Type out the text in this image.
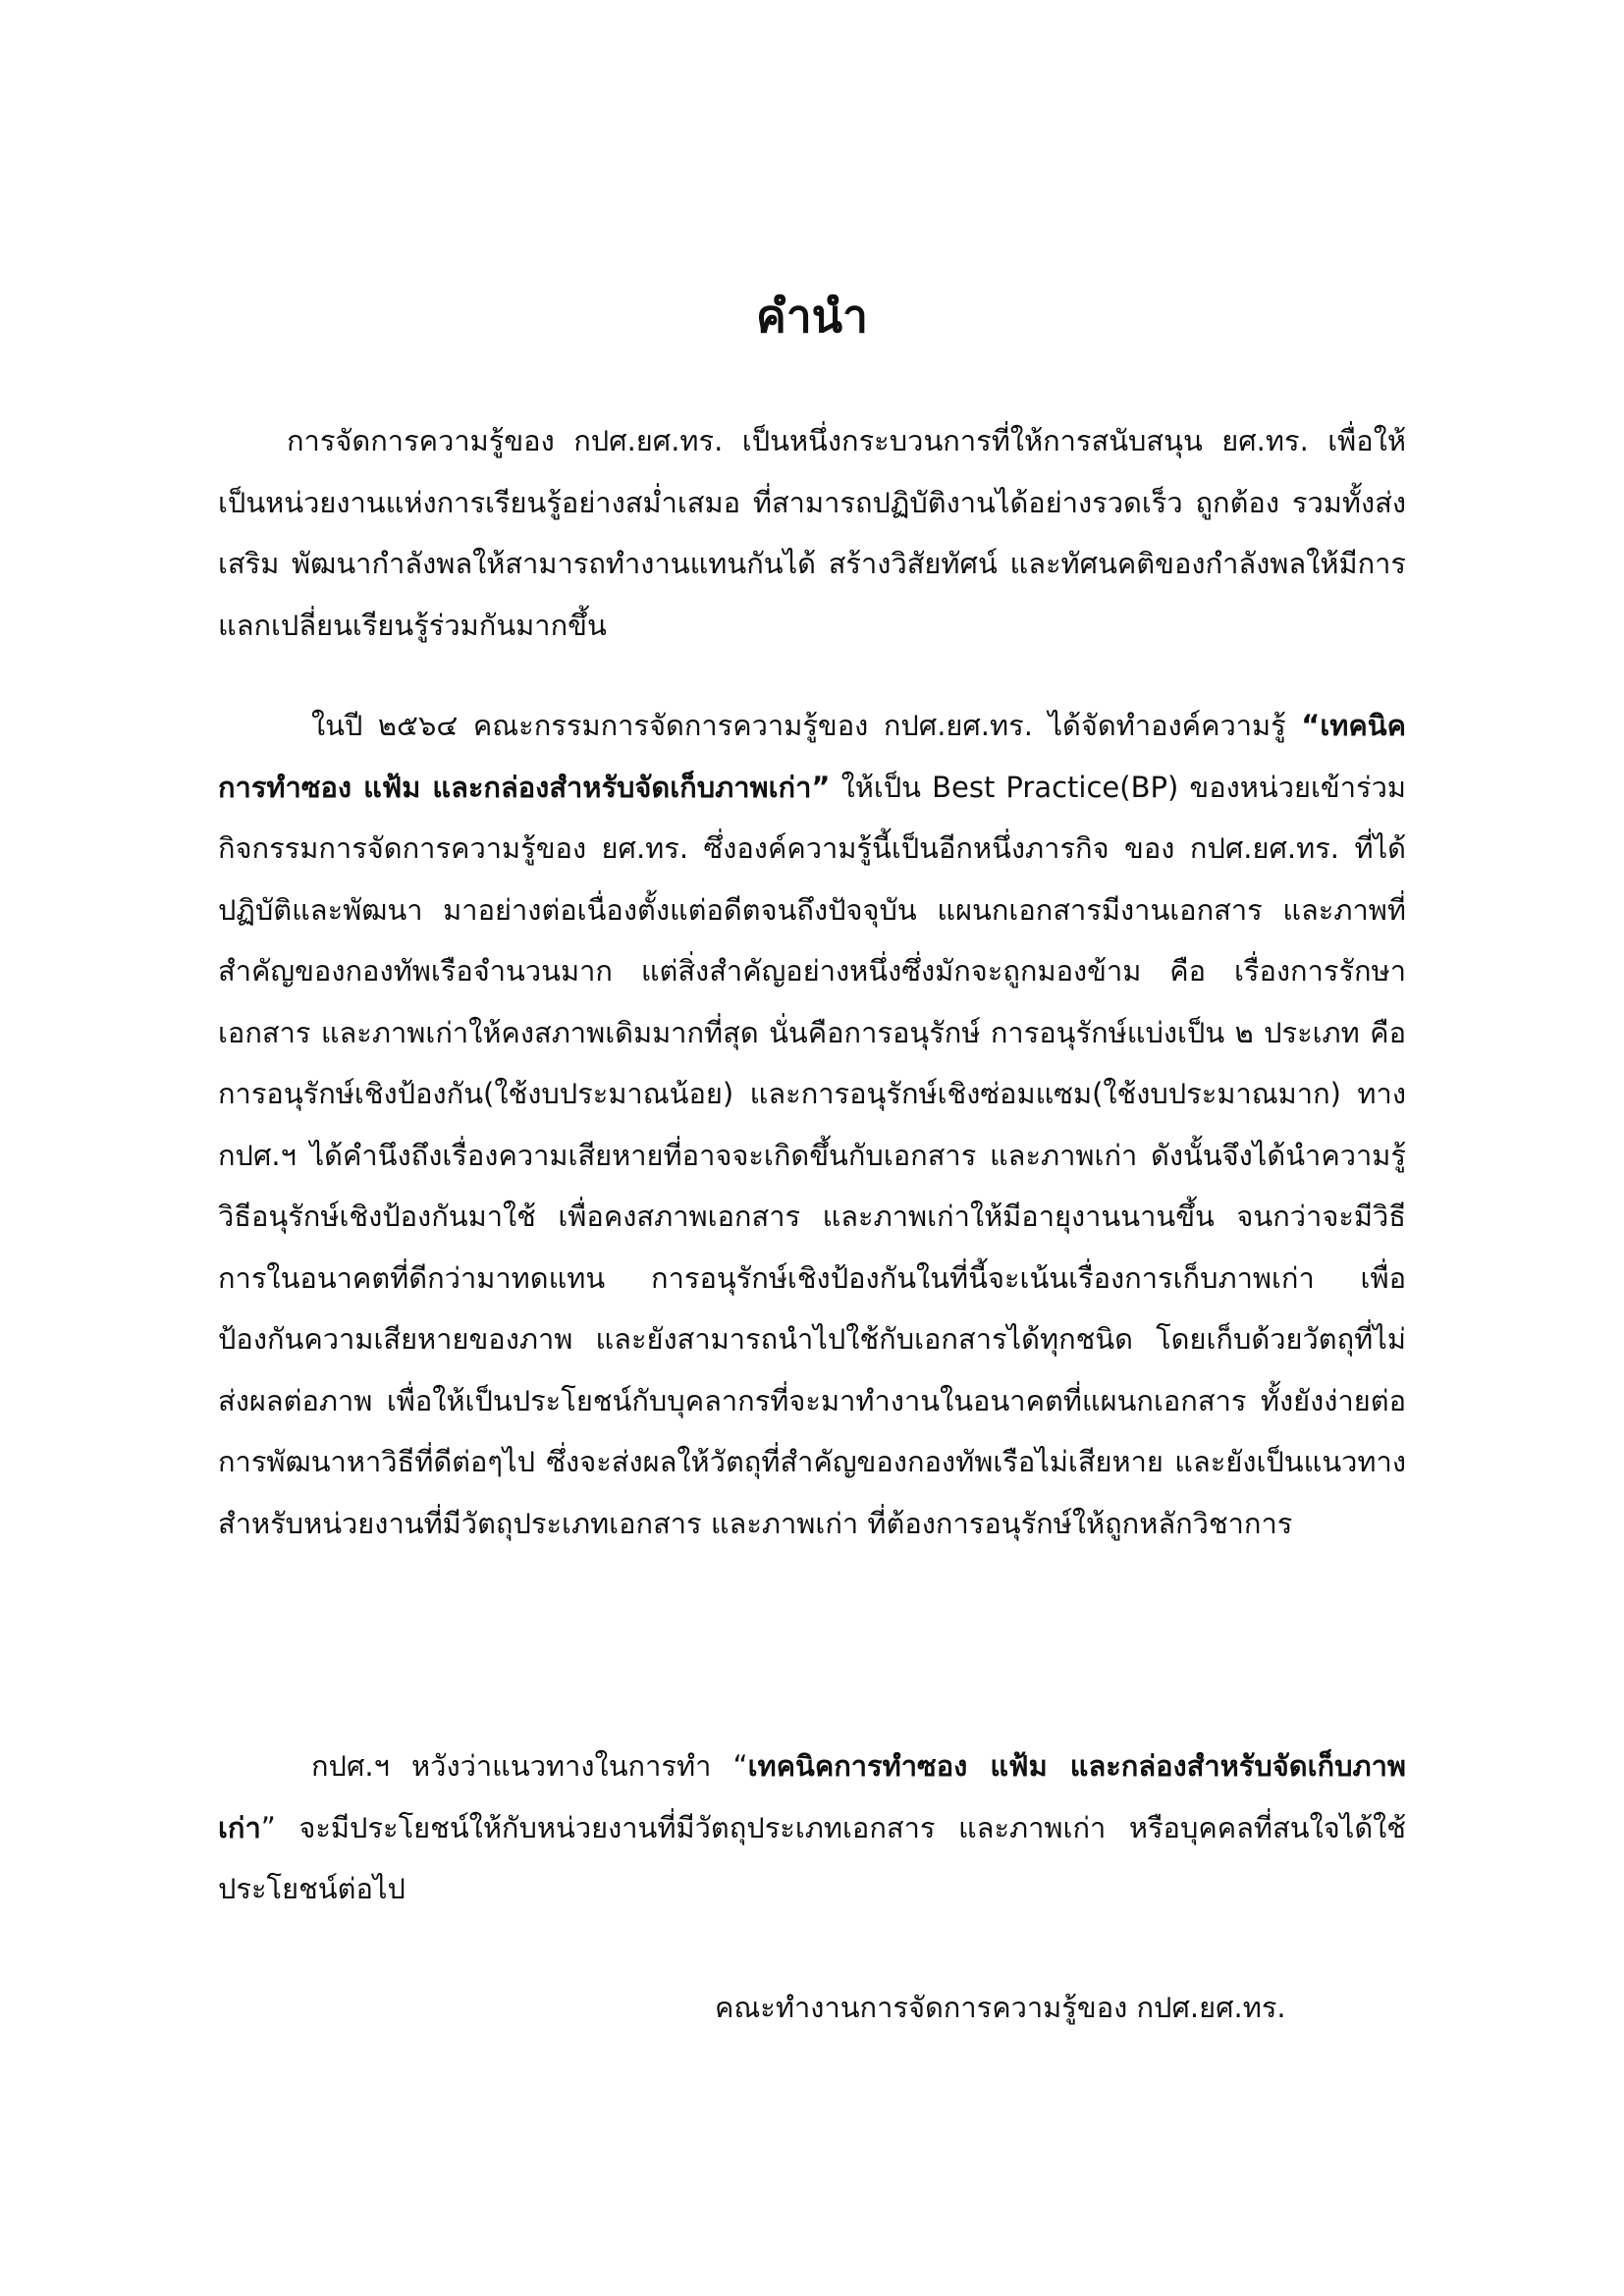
คำนำ

การจัดการความรู้ของ กปศ.ยศ.ทร. เป็นหนึ่งกระบวนการที่ให้การสนับสนุน ยศ.ทร. เพื่อให้เป็นหน่วยงานแห่งการเรียนรู้อย่างสม่ำเสมอ ที่สามารถปฏิบัติงานได้อย่างรวดเร็ว ถูกต้อง รวมทั้งส่งเสริม พัฒนากำลังพลให้สามารถทำงานแทนกันได้ สร้างวิสัยทัศน์ และทัศนคติของกำลังพลให้มีการแลกเปลี่ยนเรียนรู้ร่วมกันมากขึ้น

ในปี ๒๕๖๔ คณะกรรมการจัดการความรู้ของ กปศ.ยศ.ทร. ได้จัดทำองค์ความรู้ “เทคนิคการทำซอง แฟ้ม และกล่องสำหรับจัดเก็บภาพเก่า” ให้เป็น Best Practice(BP) ของหน่วยเข้าร่วมกิจกรรมการจัดการความรู้ของ ยศ.ทร. ซึ่งองค์ความรู้นี้เป็นอีกหนึ่งภารกิจ ของ กปศ.ยศ.ทร. ที่ได้ปฏิบัติและพัฒนา มาอย่างต่อเนื่องตั้งแต่อดีตจนถึงปัจจุบัน แผนกเอกสารมีงานเอกสาร และภาพที่สำคัญของกองทัพเรือจำนวนมาก แต่สิ่งสำคัญอย่างหนึ่งซึ่งมักจะถูกมองข้าม คือ เรื่องการรักษาเอกสาร และภาพเก่าให้คงสภาพเดิมมากที่สุด นั่นคือการอนุรักษ์ การอนุรักษ์แบ่งเป็น ๒ ประเภท คือ การอนุรักษ์เชิงป้องกัน(ใช้งบประมาณน้อย) และการอนุรักษ์เชิงซ่อมแซม(ใช้งบประมาณมาก) ทาง กปศ.ฯ ได้คำนึงถึงเรื่องความเสียหายที่อาจจะเกิดขึ้นกับเอกสาร และภาพเก่า ดังนั้นจึงได้นำความรู้วิธีอนุรักษ์เชิงป้องกันมาใช้ เพื่อคงสภาพเอกสาร และภาพเก่าให้มีอายุงานนานขึ้น จนกว่าจะมีวิธีการในอนาคตที่ดีกว่ามาทดแทน การอนุรักษ์เชิงป้องกันในที่นี้จะเน้นเรื่องการเก็บภาพเก่า เพื่อป้องกันความเสียหายของภาพ และยังสามารถนำไปใช้กับเอกสารได้ทุกชนิด โดยเก็บด้วยวัตถุที่ไม่ส่งผลต่อภาพ เพื่อให้เป็นประโยชน์กับบุคลากรที่จะมาทำงานในอนาคตที่แผนกเอกสาร ทั้งยังง่ายต่อการพัฒนาหาวิธีที่ดีต่อๆไป ซึ่งจะส่งผลให้วัตถุที่สำคัญของกองทัพเรือไม่เสียหาย และยังเป็นแนวทางสำหรับหน่วยงานที่มีวัตถุประเภทเอกสาร และภาพเก่า ที่ต้องการอนุรักษ์ให้ถูกหลักวิชาการ

กปศ.ฯ หวังว่าแนวทางในการทำ “เทคนิคการทำซอง แฟ้ม และกล่องสำหรับจัดเก็บภาพเก่า” จะมีประโยชน์ให้กับหน่วยงานที่มีวัตถุประเภทเอกสาร และภาพเก่า หรือบุคคลที่สนใจได้ใช้ประโยชน์ต่อไป

คณะทำงานการจัดการความรู้ของ กปศ.ยศ.ทร.
